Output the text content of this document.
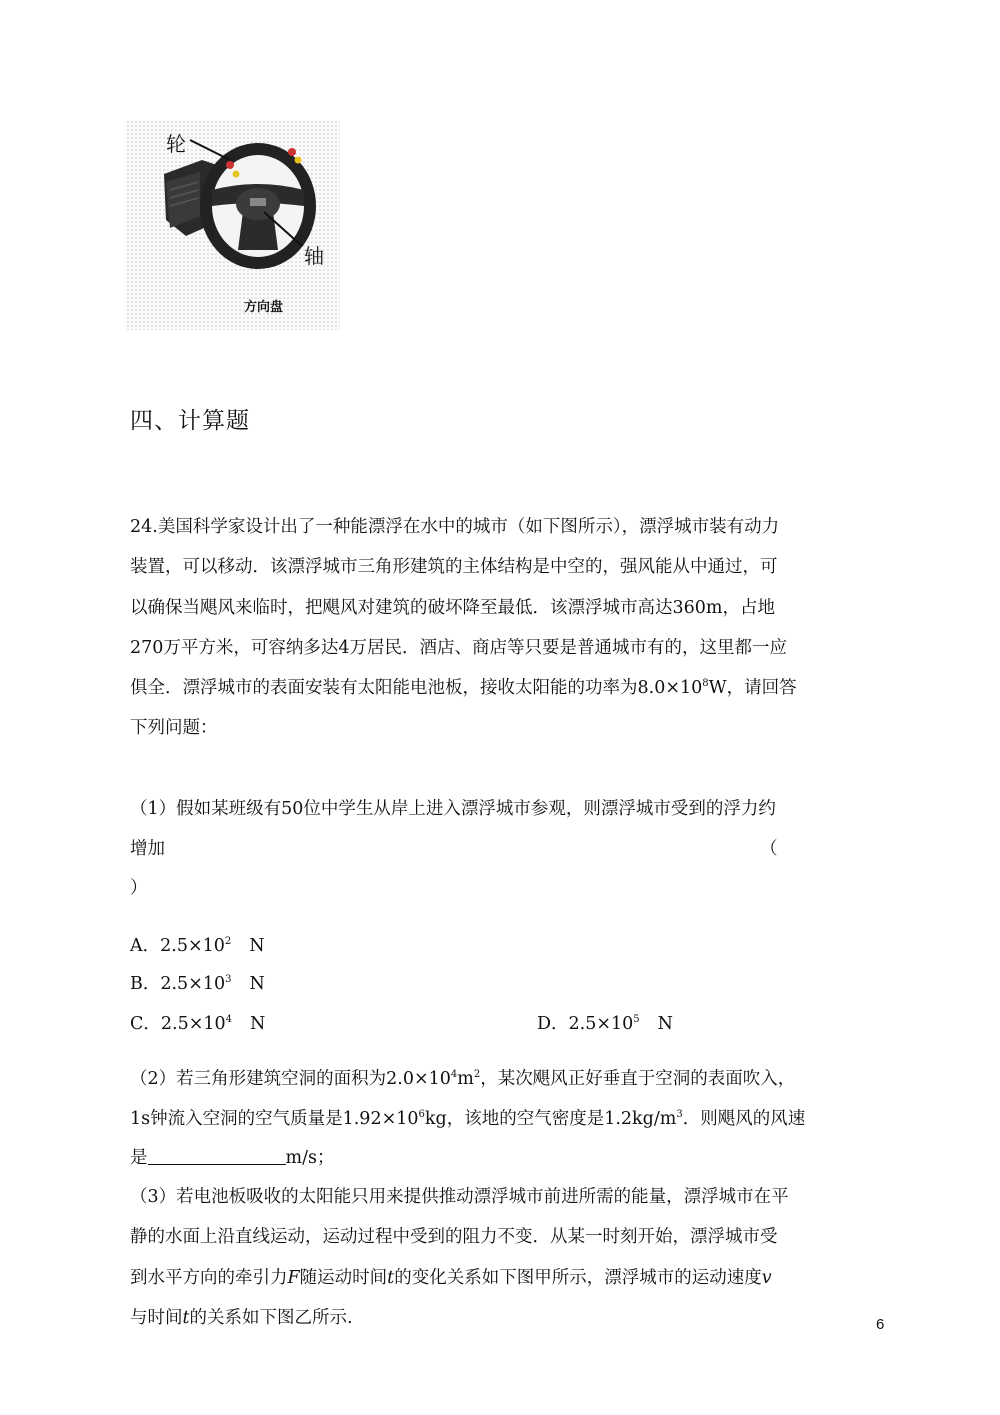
轮
轴
方向盘
四、计算题
24.美国科学家设计出了一种能漂浮在水中的城市（如下图所示），漂浮城市装有动力
装置，可以移动．该漂浮城市三角形建筑的主体结构是中空的，强风能从中通过，可
以确保当飓风来临时，把飓风对建筑的破坏降至最低．该漂浮城市高达360m，占地
270万平方米，可容纳多达4万居民．酒店、商店等只要是普通城市有的，这里都一应
俱全．漂浮城市的表面安装有太阳能电池板，接收太阳能的功率为$8.0\times 10^8W$，请回答
下列问题：
（1）假如某班级有50位中学生从岸上进入漂浮城市参观，则漂浮城市受到的浮力约
增加	（
）
A．$2.5\times 10^2$ N
B．$2.5\times 10^3$ N
C．$2.5\times 10^4$ N	D．$2.5\times 10^5$ N
（2）若三角形建筑空洞的面积为$2.0\times 10^4m^2$，某次飓风正好垂直于空洞的表面吹入，
1s钟流入空洞的空气质量是$1.92\times 10^6kg$，该地的空气密度是$1.2kg/m^3$．则飓风的风速
是	m/s；
（3）若电池板吸收的太阳能只用来提供推动漂浮城市前进所需的能量，漂浮城市在平
静的水面上沿直线运动，运动过程中受到的阻力不变．从某一时刻开始，漂浮城市受
到水平方向的牵引力F随运动时间t的变化关系如下图甲所示，漂浮城市的运动速度v
与时间t的关系如下图乙所示.	6
